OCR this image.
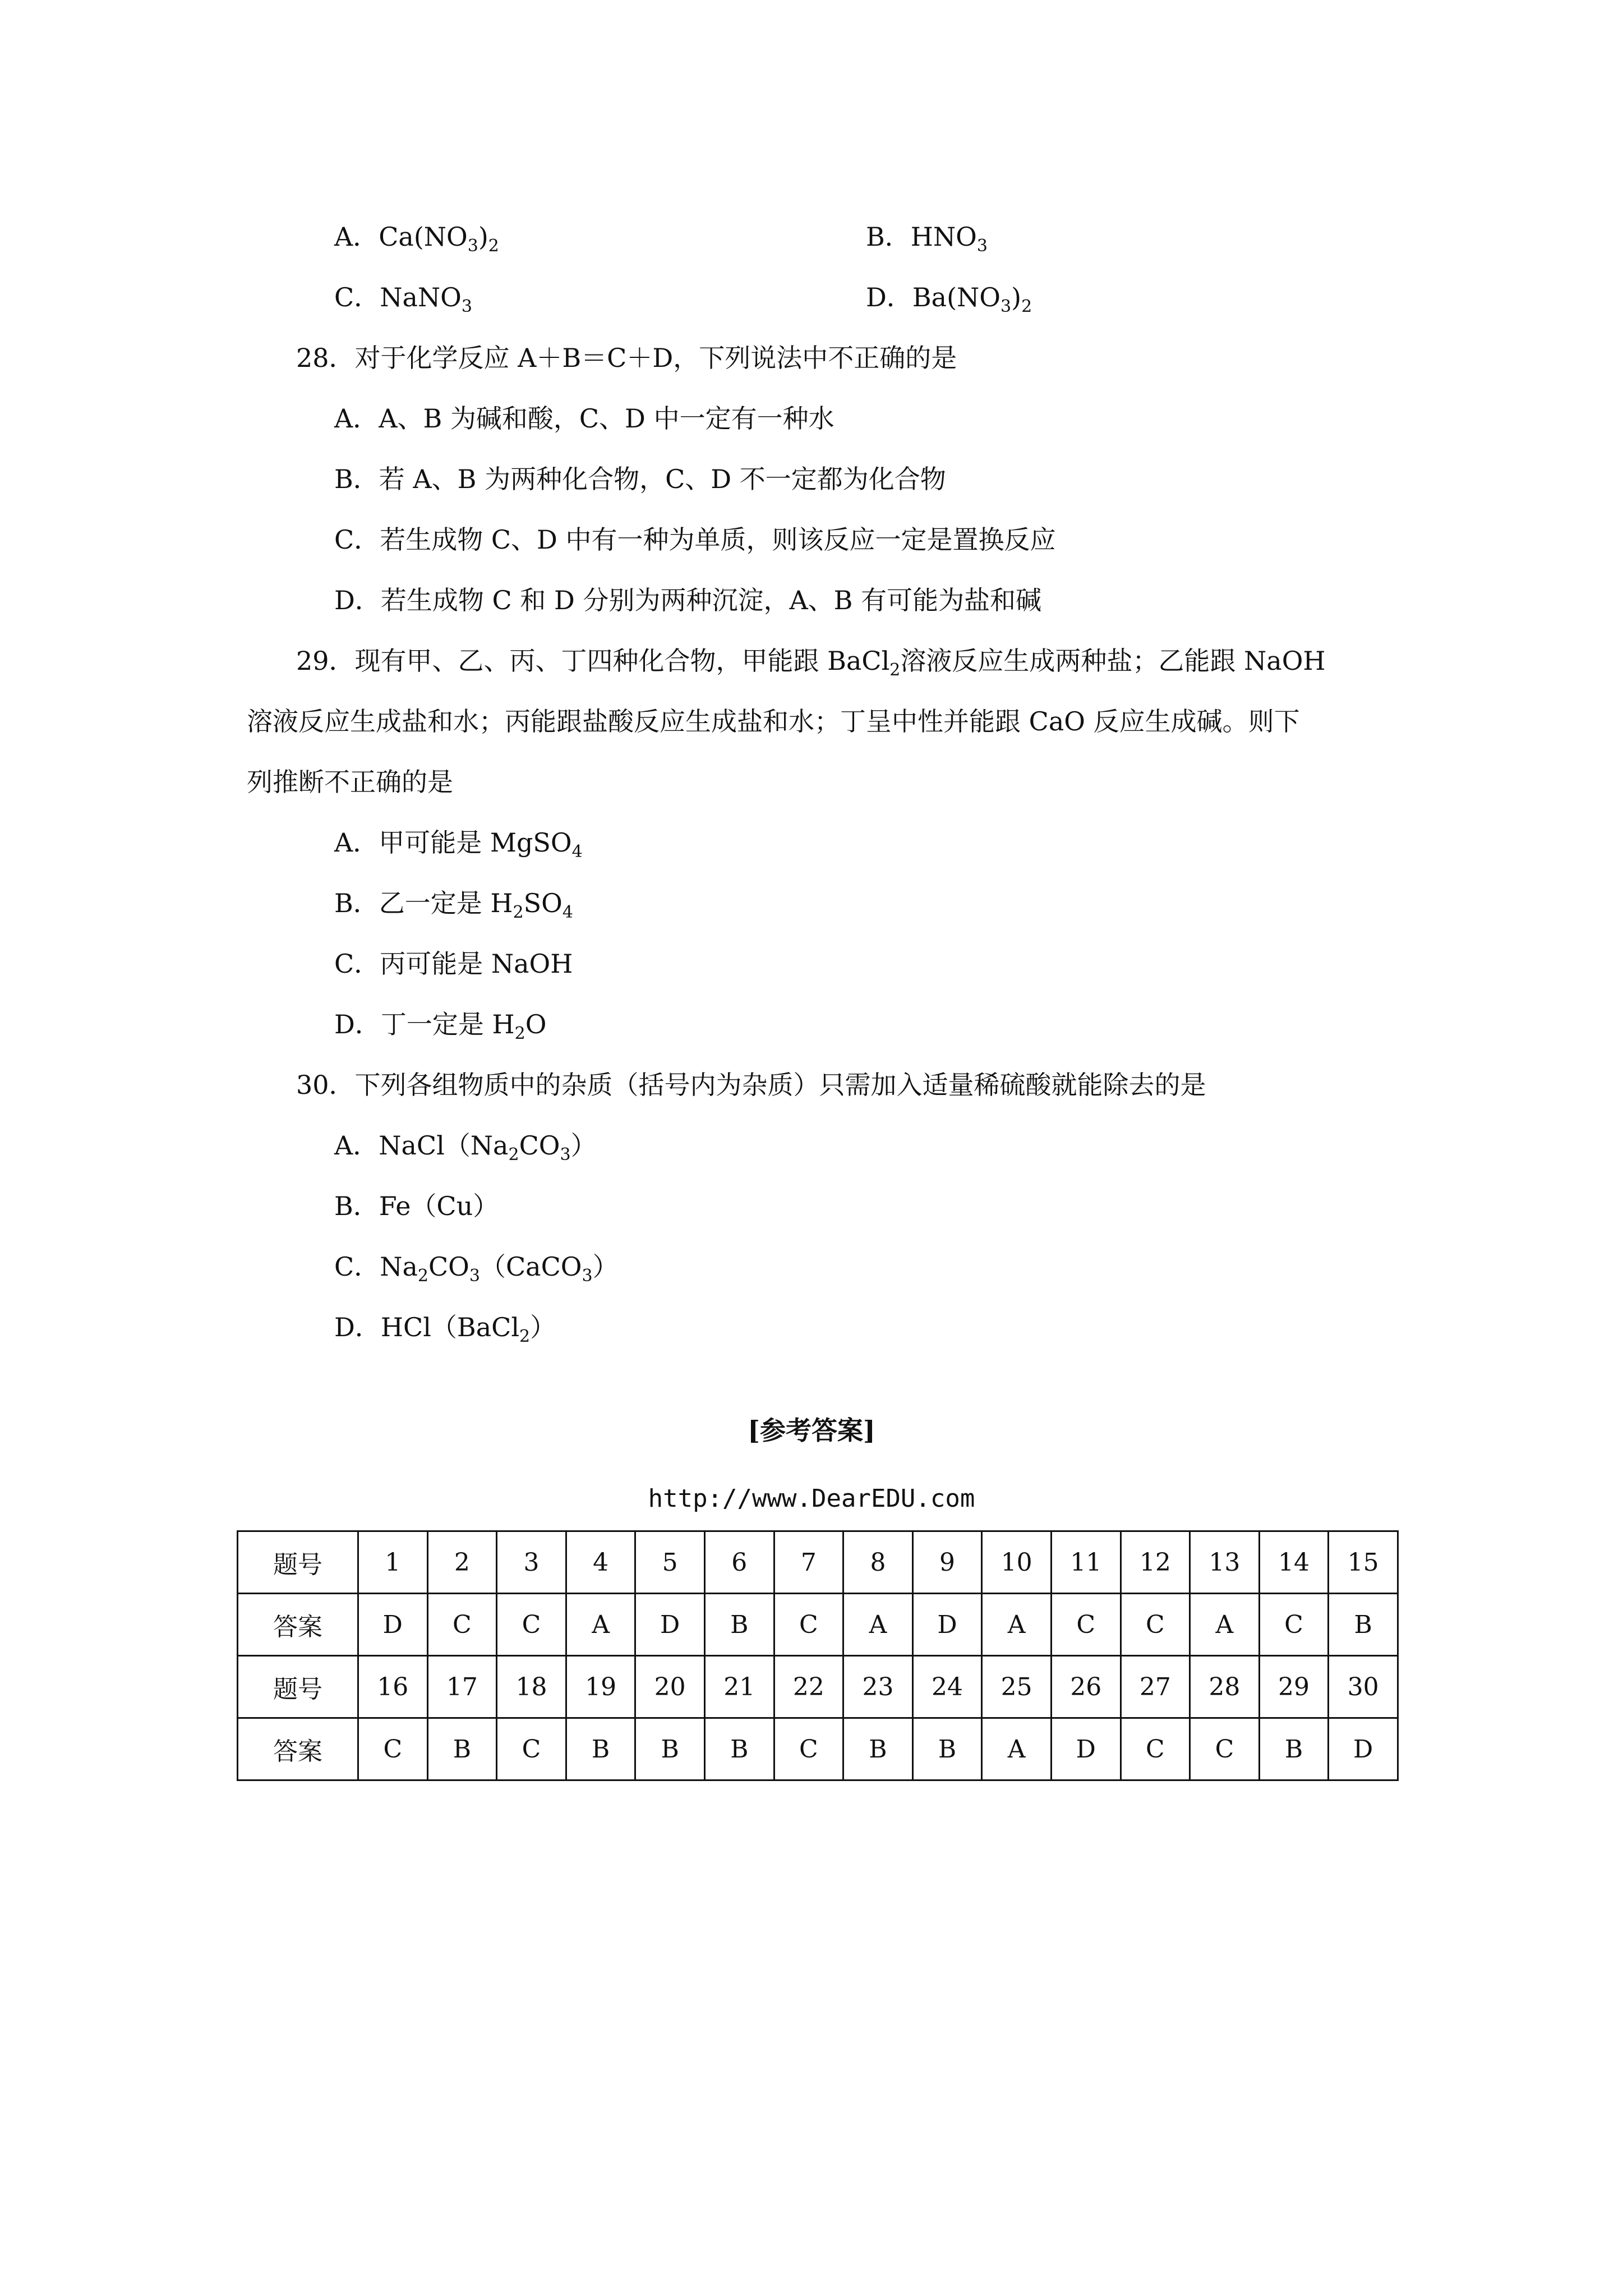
A．$Ca(NO_3)_2$	B．$HNO_3$
C．NaNO$_3$	D．$Ba(NO_3)_2$
28．对于化学反应 A＋B＝C＋D，下列说法中不正确的是
A．A、B 为碱和酸，C、D 中一定有一种水
B．若 A、B 为两种化合物，C、D 不一定都为化合物
C．若生成物 C、D 中有一种为单质，则该反应一定是置换反应
D．若生成物 C 和 D 分别为两种沉淀，A、B 有可能为盐和碱
29．现有甲、乙、丙、丁四种化合物，甲能跟 BaCl$_2$溶液反应生成两种盐；乙能跟 NaOH
溶液反应生成盐和水；丙能跟盐酸反应生成盐和水；丁呈中性并能跟 CaO 反应生成碱。则下
列推断不正确的是
A．甲可能是 MgSO$_4$
B．乙一定是 $H_2SO_4$
C．丙可能是 NaOH
D．丁一定是 $H_2O$
30．下列各组物质中的杂质（括号内为杂质）只需加入适量稀硫酸就能除去的是
A．$NaCl(Na_2CO_3)$
B．Fe（Cu）
C．$Na_2CO_3(CaCO_3)$
D．HCl（BaCl$_2$）
[参考答案]
http://www.DearEDU.com
题号	1	2	3	4	5	6	7	8	9	10	11	12	13	14	15
答案	D	C	C	A	D	B	C	A	D	A	C	C	A	C	B
题号	16	17	18	19	20	21	22	23	24	25	26	27	28	29	30
答案	C	B	C	B	B	B	C	B	B	A	D	C	C	B	D
